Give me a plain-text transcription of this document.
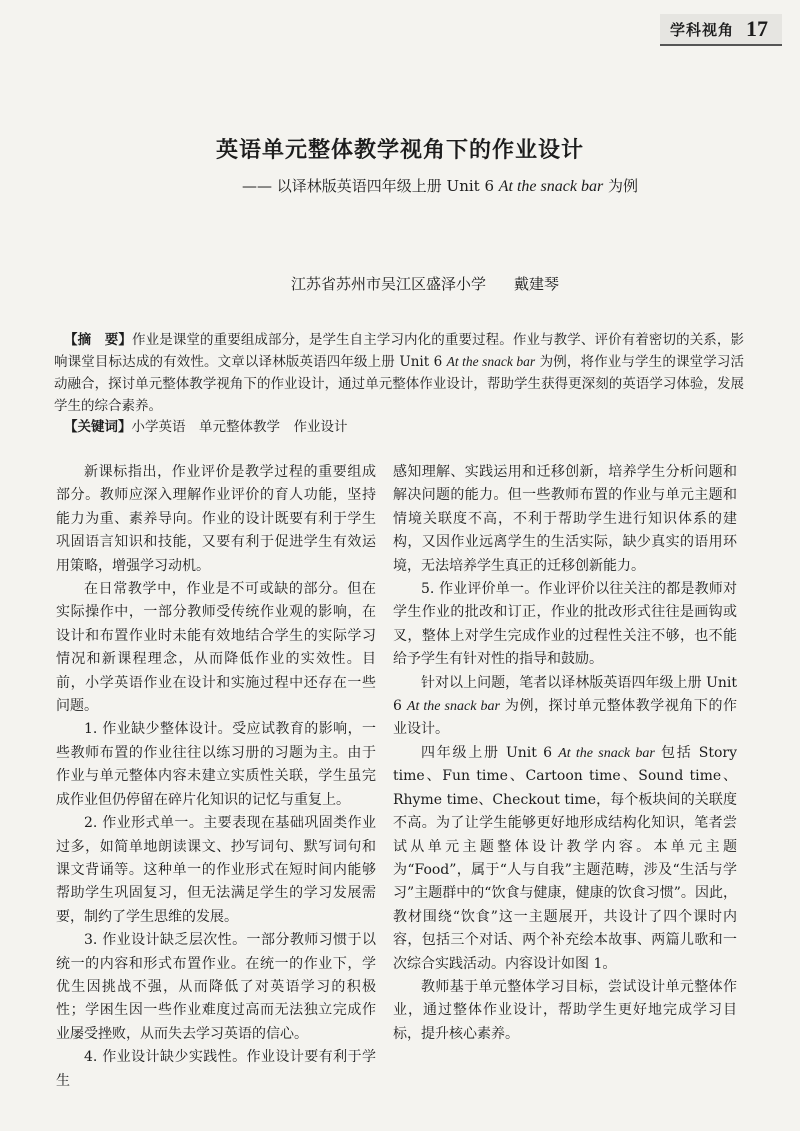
学科视角 17
英语单元整体教学视角下的作业设计
—— 以译林版英语四年级上册 Unit 6 At the snack bar 为例
江苏省苏州市吴江区盛泽小学 戴建琴
【摘　要】作业是课堂的重要组成部分，是学生自主学习内化的重要过程。作业与教学、评价有着密切的关系，影响课堂目标达成的有效性。文章以译林版英语四年级上册 Unit 6 At the snack bar 为例，将作业与学生的课堂学习活动融合，探讨单元整体教学视角下的作业设计，通过单元整体作业设计，帮助学生获得更深刻的英语学习体验，发展学生的综合素养。
【关键词】小学英语　单元整体教学　作业设计

新课标指出，作业评价是教学过程的重要组成部分。教师应深入理解作业评价的育人功能，坚持能力为重、素养导向。作业的设计既要有利于学生巩固语言知识和技能，又要有利于促进学生有效运用策略，增强学习动机。

在日常教学中，作业是不可或缺的部分。但在实际操作中，一部分教师受传统作业观的影响，在设计和布置作业时未能有效地结合学生的实际学习情况和新课程理念，从而降低作业的实效性。目前，小学英语作业在设计和实施过程中还存在一些问题。

1. 作业缺少整体设计。受应试教育的影响，一些教师布置的作业往往以练习册的习题为主。由于作业与单元整体内容未建立实质性关联，学生虽完成作业但仍停留在碎片化知识的记忆与重复上。

2. 作业形式单一。主要表现在基础巩固类作业过多，如简单地朗读课文、抄写词句、默写词句和课文背诵等。这种单一的作业形式在短时间内能够帮助学生巩固复习，但无法满足学生的学习发展需要，制约了学生思维的发展。

3. 作业设计缺乏层次性。一部分教师习惯于以统一的内容和形式布置作业。在统一的作业下，学优生因挑战不强，从而降低了对英语学习的积极性；学困生因一些作业难度过高而无法独立完成作业屡受挫败，从而失去学习英语的信心。

4. 作业设计缺少实践性。作业设计要有利于学生

感知理解、实践运用和迁移创新，培养学生分析问题和解决问题的能力。但一些教师布置的作业与单元主题和情境关联度不高，不利于帮助学生进行知识体系的建构，又因作业远离学生的生活实际，缺少真实的语用环境，无法培养学生真正的迁移创新能力。

5. 作业评价单一。作业评价以往关注的都是教师对学生作业的批改和订正，作业的批改形式往往是画钩或叉，整体上对学生完成作业的过程性关注不够，也不能给予学生有针对性的指导和鼓励。

针对以上问题，笔者以译林版英语四年级上册 Unit 6 At the snack bar 为例，探讨单元整体教学视角下的作业设计。

四年级上册 Unit 6 At the snack bar 包括 Story time、Fun time、Cartoon time、Sound time、Rhyme time、Checkout time，每个板块间的关联度不高。为了让学生能够更好地形成结构化知识，笔者尝试从单元主题整体设计教学内容。本单元主题为“Food”，属于“人与自我”主题范畴，涉及“生活与学习”主题群中的“饮食与健康，健康的饮食习惯”。因此，教材围绕“饮食”这一主题展开，共设计了四个课时内容，包括三个对话、两个补充绘本故事、两篇儿歌和一次综合实践活动。内容设计如图 1。

教师基于单元整体学习目标，尝试设计单元整体作业，通过整体作业设计，帮助学生更好地完成学习目标，提升核心素养。
